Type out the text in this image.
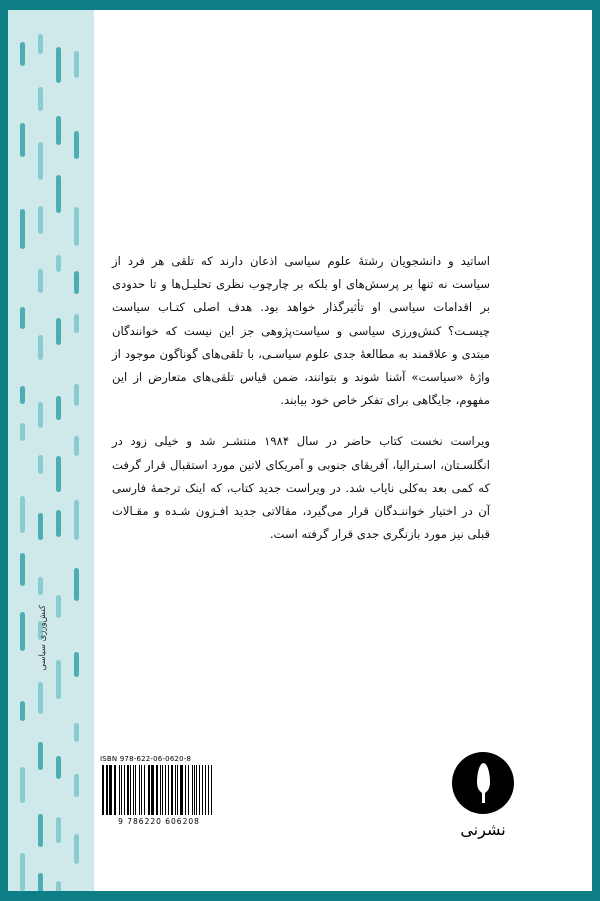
کنش‌ورزی سیاسی

اساتید و دانشجویان رشتهٔ علوم سیاسی اذعان دارند که تلقی هر فرد از سیاست نه تنها بر پرسش‌های او بلکه بر چارچوب نظری تحلیـل‌ها و تا حدودی بر اقدامات سیاسی او تأثیرگذار خواهد بود. هدف اصلی کتـاب سیاست چیسـت؟ کنش‌ورزی سیاسی و سیاست‌پژوهی جز این نیست که خوانندگان مبتدی و علاقمند به مطالعهٔ جدی علوم سیاسـی، با تلقی‌های گوناگون موجود از واژهٔ «سیاست» آشنا شوند و بتوانند، ضمن قیاس تلقی‌های متعارض از این مفهوم، جایگاهی برای تفکر خاص خود بیابند.

ویراست نخست کتاب حاضر در سال ۱۹۸۴ منتشـر شد و خیلی زود در انگلسـتان، اسـترالیا، آفریقای جنوبی و آمریکای لاتین مورد استقبال قرار گرفت که کمی بعد به‌کلی نایاب شد. در ویراست جدید کتاب، که اینک ترجمهٔ فارسی آن در اختیار خواننـدگان قرار می‌گیرد، مقالاتی جدید افـزون شـده و مقـالات قبلی نیز مورد بازنگری جدی قرار گرفته است.

ISBN 978-622-06-0620-8
9 786220 606208	نشرنی
